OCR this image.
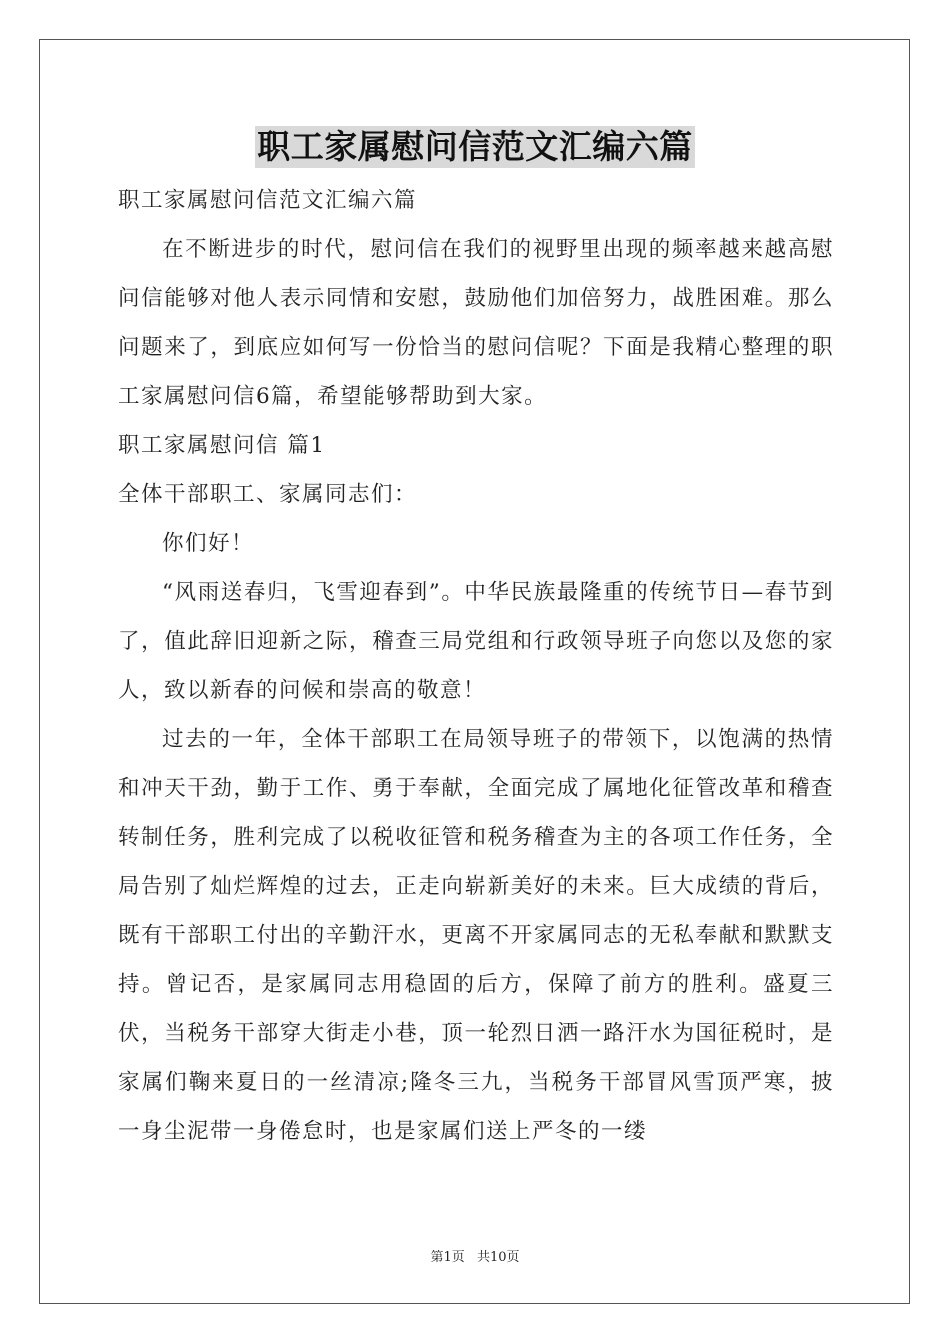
职工家属慰问信范文汇编六篇

职工家属慰问信范文汇编六篇

在不断进步的时代，慰问信在我们的视野里出现的频率越来越高慰问信能够对他人表示同情和安慰，鼓励他们加倍努力，战胜困难。那么问题来了，到底应如何写一份恰当的慰问信呢？下面是我精心整理的职工家属慰问信6篇，希望能够帮助到大家。

职工家属慰问信 篇1

全体干部职工、家属同志们：

你们好！

“风雨送春归，飞雪迎春到”。中华民族最隆重的传统节日—春节到了，值此辞旧迎新之际，稽查三局党组和行政领导班子向您以及您的家人，致以新春的问候和崇高的敬意！

过去的一年，全体干部职工在局领导班子的带领下，以饱满的热情和冲天干劲，勤于工作、勇于奉献，全面完成了属地化征管改革和稽查转制任务，胜利完成了以税收征管和税务稽查为主的各项工作任务，全局告别了灿烂辉煌的过去，正走向崭新美好的未来。巨大成绩的背后，既有干部职工付出的辛勤汗水，更离不开家属同志的无私奉献和默默支持。曾记否，是家属同志用稳固的后方，保障了前方的胜利。盛夏三伏，当税务干部穿大街走小巷，顶一轮烈日洒一路汗水为国征税时，是家属们鞠来夏日的一丝清凉;隆冬三九，当税务干部冒风雪顶严寒，披一身尘泥带一身倦怠时，也是家属们送上严冬的一缕

第1页 共10页
